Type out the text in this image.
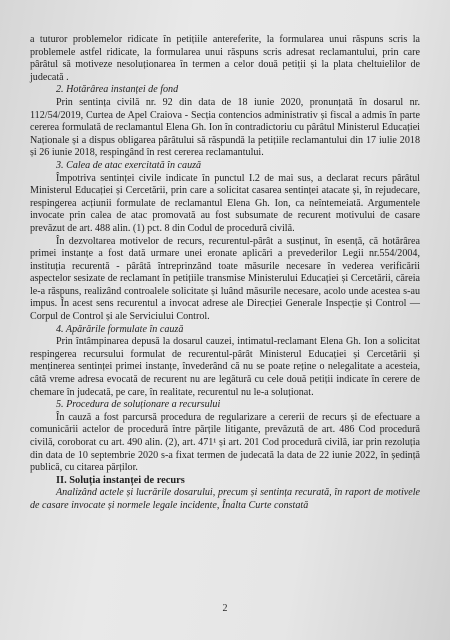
a tuturor problemelor ridicate în petițiile antereferite, la formularea unui răspuns scris la problemele astfel ridicate, la formularea unui răspuns scris adresat reclamantului, prin care pârâtul să motiveze nesoluționarea în termen a celor două petiții și la plata cheltuielilor de judecată .

2. Hotărârea instanței de fond

Prin sentința civilă nr. 92 din data de 18 iunie 2020, pronunțată în dosarul nr. 112/54/2019, Curtea de Apel Craiova - Secția contencios administrativ și fiscal a admis în parte cererea formulată de reclamantul Elena Gh. Ion în contradictoriu cu pârâtul Ministerul Educației Naționale și a dispus obligarea pârâtului să răspundă la petițiile reclamantului din 17 iulie 2018 și 26 iunie 2018, respingând în rest cererea reclamantului.

3. Calea de atac exercitată în cauză

Împotriva sentinței civile indicate în punctul I.2 de mai sus, a declarat recurs pârâtul Ministerul Educației și Cercetării, prin care a solicitat casarea sentinței atacate și, în rejudecare, respingerea acțiunii formulate de reclamantul Elena Gh. Ion, ca neîntemeiată. Argumentele invocate prin calea de atac promovată au fost subsumate de recurent motivului de casare prevăzut de art. 488 alin. (1) pct. 8 din Codul de procedură civilă.

În dezvoltarea motivelor de recurs, recurentul-pârât a susținut, în esență, că hotărârea primei instanțe a fost dată urmare unei eronate aplicări a prevederilor Legii nr.554/2004, instituția recurentă - pârâtă întreprinzând toate măsurile necesare în vederea verificării aspectelor sesizate de reclamant în petițiile transmise Ministerului Educației și Cercetării, căreia le-a răspuns, realizând controalele solicitate și luând măsurile necesare, acolo unde acestea s-au impus. În acest sens recurentul a invocat adrese ale Direcției Generale Inspecție și Control — Corpul de Control și ale Serviciului Control.

4. Apărările formulate în cauză

Prin întâmpinarea depusă la dosarul cauzei, intimatul-reclamant Elena Gh. Ion a solicitat respingerea recursului formulat de recurentul-pârât Ministerul Educației și Cercetării și menținerea sentinței primei instanțe, învederând că nu se poate reține o nelegalitate a acesteia, câtă vreme adresa evocată de recurent nu are legătură cu cele două petiții indicate în cerere de chemare în judecată, pe care, în realitate, recurentul nu le-a soluționat.

5. Procedura de soluționare a recursului

În cauză a fost parcursă procedura de regularizare a cererii de recurs și de efectuare a comunicării actelor de procedură între părțile litigante, prevăzută de art. 486 Cod procedură civilă, coroborat cu art. 490 alin. (2), art. 471¹ și art. 201 Cod procedură civilă, iar prin rezoluția din data de 10 septembrie 2020 s-a fixat termen de judecată la data de 22 iunie 2022, în ședință publică, cu citarea părților.

II. Soluția instanței de recurs

Analizând actele și lucrările dosarului, precum și sentința recurată, în raport de motivele de casare invocate și normele legale incidente, Înalta Curte constată

2
